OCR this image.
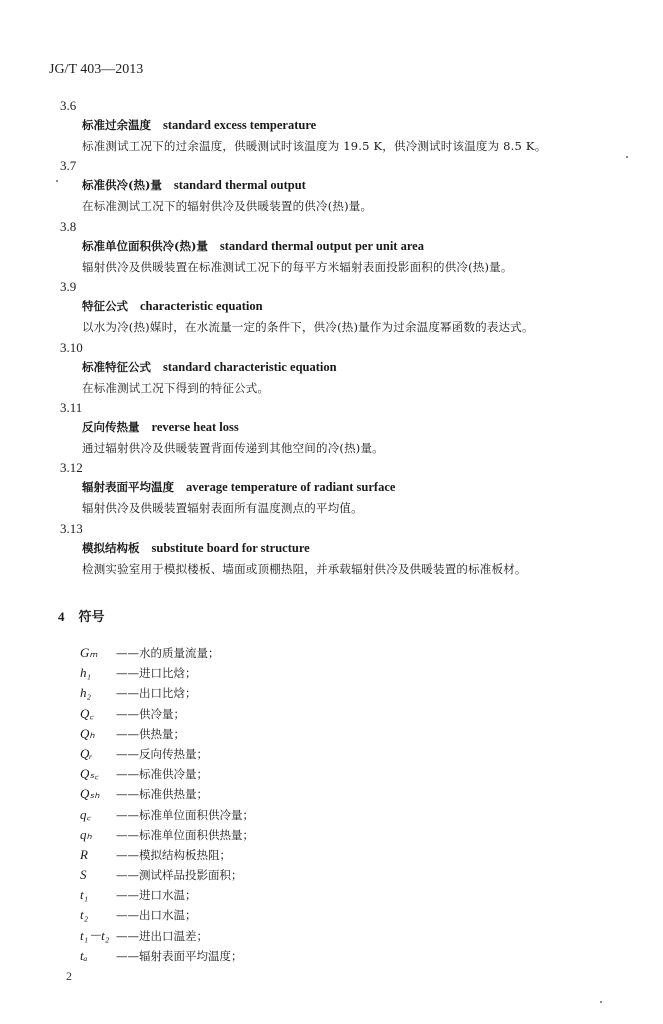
JG/T 403—2013
3.6
标准过余温度 standard excess temperature
标准测试工况下的过余温度，供暖测试时该温度为 19.5 K，供冷测试时该温度为 8.5 K。
3.7
标准供冷(热)量 standard thermal output
在标准测试工况下的辐射供冷及供暖装置的供冷(热)量。
3.8
标准单位面积供冷(热)量 standard thermal output per unit area
辐射供冷及供暖装置在标准测试工况下的每平方米辐射表面投影面积的供冷(热)量。
3.9
特征公式 characteristic equation
以水为冷(热)媒时，在水流量一定的条件下，供冷(热)量作为过余温度幂函数的表达式。
3.10
标准特征公式 standard characteristic equation
在标准测试工况下得到的特征公式。
3.11
反向传热量 reverse heat loss
通过辐射供冷及供暖装置背面传递到其他空间的冷(热)量。
3.12
辐射表面平均温度 average temperature of radiant surface
辐射供冷及供暖装置辐射表面所有温度测点的平均值。
3.13
模拟结构板 substitute board for structure
检测实验室用于模拟楼板、墙面或顶棚热阻，并承载辐射供冷及供暖装置的标准板材。
4 符号
Gₘ	——水的质量流量；
h₁	——进口比焓；
h₂	——出口比焓；
Q꜀	——供冷量；
Qₕ	——供热量；
Qᵣ	——反向传热量；
Qₛ꜀	——标准供冷量；
Qₛₕ	——标准供热量；
q꜀	——标准单位面积供冷量；
qₕ	——标准单位面积供热量；
R	——模拟结构板热阻；
S	——测试样品投影面积；
t₁	——进口水温；
t₂	——出口水温；
t₁－t₂ ——进出口温差；
tₐ	——辐射表面平均温度；
2
